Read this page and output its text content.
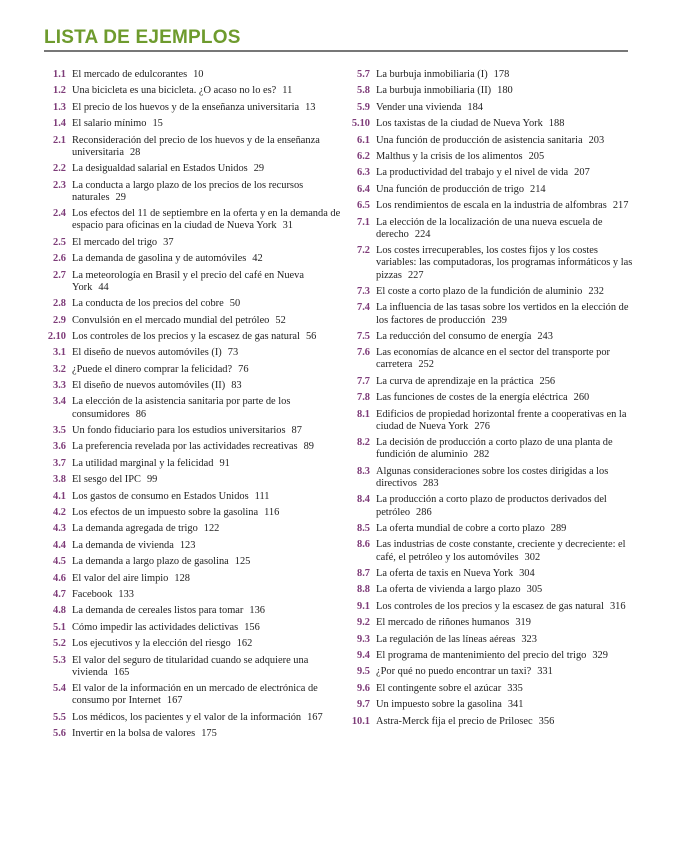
LISTA DE EJEMPLOS
1.1 El mercado de edulcorantes 10
1.2 Una bicicleta es una bicicleta. ¿O acaso no lo es? 11
1.3 El precio de los huevos y de la enseñanza universitaria 13
1.4 El salario mínimo 15
2.1 Reconsideración del precio de los huevos y de la enseñanza universitaria 28
2.2 La desigualdad salarial en Estados Unidos 29
2.3 La conducta a largo plazo de los precios de los recursos naturales 29
2.4 Los efectos del 11 de septiembre en la oferta y en la demanda de espacio para oficinas en la ciudad de Nueva York 31
2.5 El mercado del trigo 37
2.6 La demanda de gasolina y de automóviles 42
2.7 La meteorología en Brasil y el precio del café en Nueva York 44
2.8 La conducta de los precios del cobre 50
2.9 Convulsión en el mercado mundial del petróleo 52
2.10 Los controles de los precios y la escasez de gas natural 56
3.1 El diseño de nuevos automóviles (I) 73
3.2 ¿Puede el dinero comprar la felicidad? 76
3.3 El diseño de nuevos automóviles (II) 83
3.4 La elección de la asistencia sanitaria por parte de los consumidores 86
3.5 Un fondo fiduciario para los estudios universitarios 87
3.6 La preferencia revelada por las actividades recreativas 89
3.7 La utilidad marginal y la felicidad 91
3.8 El sesgo del IPC 99
4.1 Los gastos de consumo en Estados Unidos 111
4.2 Los efectos de un impuesto sobre la gasolina 116
4.3 La demanda agregada de trigo 122
4.4 La demanda de vivienda 123
4.5 La demanda a largo plazo de gasolina 125
4.6 El valor del aire limpio 128
4.7 Facebook 133
4.8 La demanda de cereales listos para tomar 136
5.1 Cómo impedir las actividades delictivas 156
5.2 Los ejecutivos y la elección del riesgo 162
5.3 El valor del seguro de titularidad cuando se adquiere una vivienda 165
5.4 El valor de la información en un mercado de electrónica de consumo por Internet 167
5.5 Los médicos, los pacientes y el valor de la información 167
5.6 Invertir en la bolsa de valores 175
5.7 La burbuja inmobiliaria (I) 178
5.8 La burbuja inmobiliaria (II) 180
5.9 Vender una vivienda 184
5.10 Los taxistas de la ciudad de Nueva York 188
6.1 Una función de producción de asistencia sanitaria 203
6.2 Malthus y la crisis de los alimentos 205
6.3 La productividad del trabajo y el nivel de vida 207
6.4 Una función de producción de trigo 214
6.5 Los rendimientos de escala en la industria de alfombras 217
7.1 La elección de la localización de una nueva escuela de derecho 224
7.2 Los costes irrecuperables, los costes fijos y los costes variables: las computadoras, los programas informáticos y las pizzas 227
7.3 El coste a corto plazo de la fundición de aluminio 232
7.4 La influencia de las tasas sobre los vertidos en la elección de los factores de producción 239
7.5 La reducción del consumo de energía 243
7.6 Las economías de alcance en el sector del transporte por carretera 252
7.7 La curva de aprendizaje en la práctica 256
7.8 Las funciones de costes de la energía eléctrica 260
8.1 Edificios de propiedad horizontal frente a cooperativas en la ciudad de Nueva York 276
8.2 La decisión de producción a corto plazo de una planta de fundición de aluminio 282
8.3 Algunas consideraciones sobre los costes dirigidas a los directivos 283
8.4 La producción a corto plazo de productos derivados del petróleo 286
8.5 La oferta mundial de cobre a corto plazo 289
8.6 Las industrias de coste constante, creciente y decreciente: el café, el petróleo y los automóviles 302
8.7 La oferta de taxis en Nueva York 304
8.8 La oferta de vivienda a largo plazo 305
9.1 Los controles de los precios y la escasez de gas natural 316
9.2 El mercado de riñones humanos 319
9.3 La regulación de las líneas aéreas 323
9.4 El programa de mantenimiento del precio del trigo 329
9.5 ¿Por qué no puedo encontrar un taxi? 331
9.6 El contingente sobre el azúcar 335
9.7 Un impuesto sobre la gasolina 341
10.1 Astra-Merck fija el precio de Prilosec 356
